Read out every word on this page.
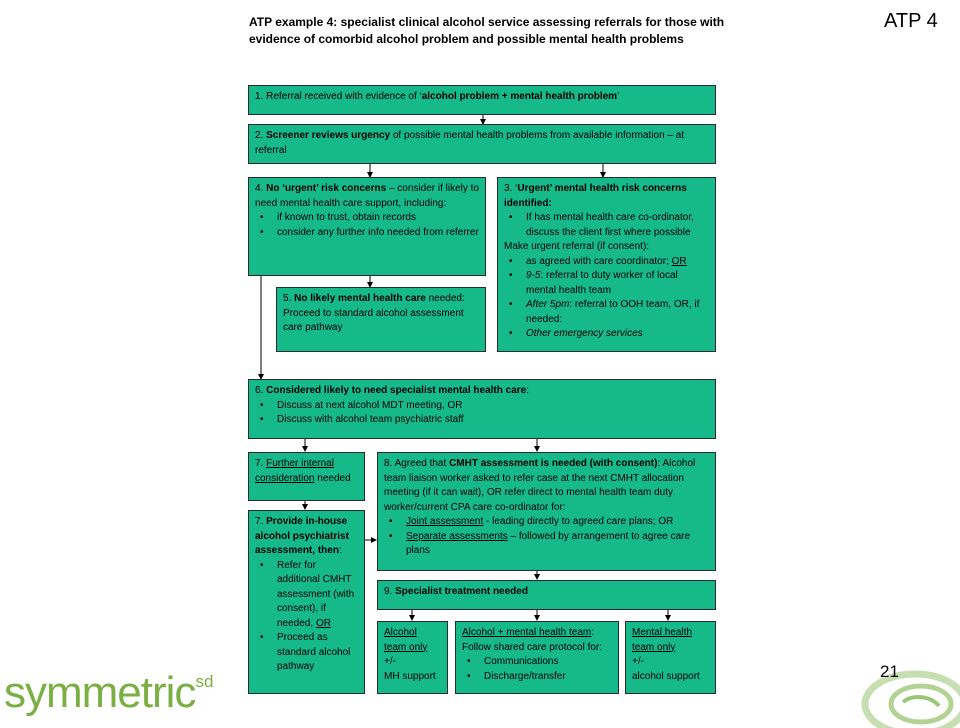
ATP example 4: specialist clinical alcohol service assessing referrals for those with evidence of comorbid alcohol problem and possible mental health problems
ATP 4

1. Referral received with evidence of ‘alcohol problem + mental health problem’

2. Screener reviews urgency of possible mental health problems from available information – at referral

4. No ‘urgent’ risk concerns – consider if likely to need mental health care support, including:

• if known to trust, obtain records
• consider any further info needed from referrer

3. ‘Urgent’ mental health risk concerns identified:

• If has mental health care co-ordinator, discuss the client first where possible

Make urgent referral (if consent):

• as agreed with care coordinator; OR
• 9-5: referral to duty worker of local mental health team
• After 5pm: referral to OOH team, OR, if needed:
• Other emergency services

5. No likely mental health care needed: Proceed to standard alcohol assessment care pathway

6. Considered likely to need specialist mental health care:

• Discuss at next alcohol MDT meeting, OR
• Discuss with alcohol team psychiatric staff

7. Further internal consideration needed

8. Agreed that CMHT assessment is needed (with consent): Alcohol team liaison worker asked to refer case at the next CMHT allocation meeting (if it can wait), OR refer direct to mental health team duty worker/current CPA care co-ordinator for:

• Joint assessment - leading directly to agreed care plans; OR
• Separate assessments – followed by arrangement to agree care plans

7. Provide in-house alcohol psychiatrist assessment, then:

• Refer for additional CMHT assessment (with consent), if needed, OR
• Proceed as standard alcohol pathway

9. Specialist treatment needed

Alcohol team only

+/-

MH support

Alcohol + mental health team: Follow shared care protocol for:

• Communications
• Discharge/transfer

Mental health team only

+/-

alcohol support

symmetric$^{sd}$
21
